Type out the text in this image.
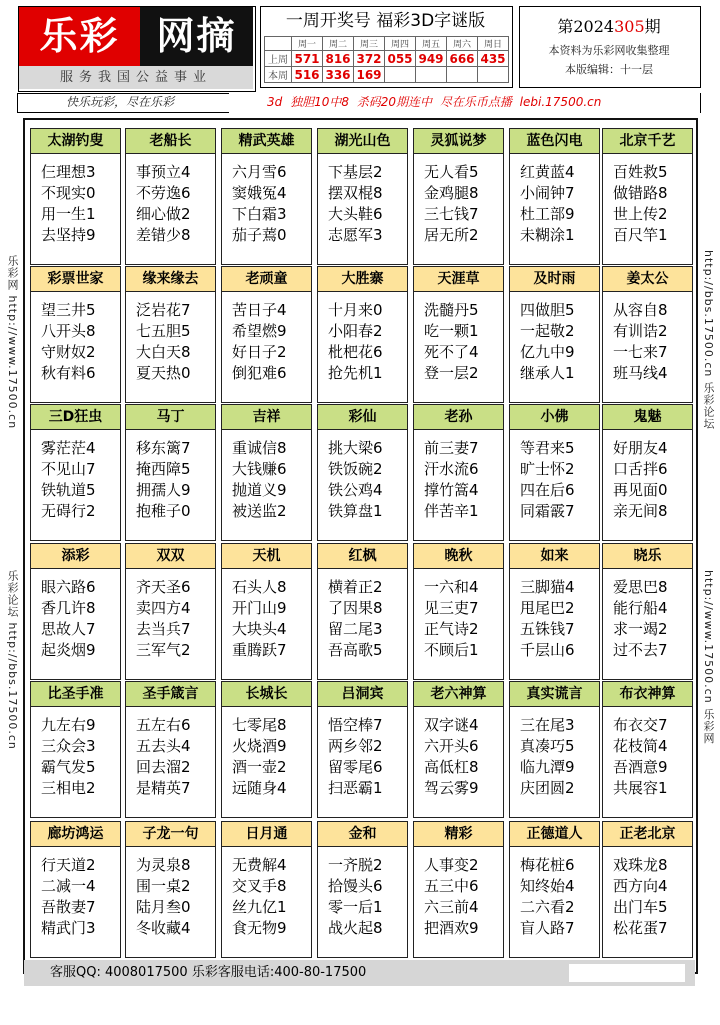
乐彩 网摘
服务我国公益事业
一周开奖号 福彩3D字谜版
	周一	周二	周三	周四	周五	周六	周日
上周	571	816	372	055	949	666	435
本周	516	336	169				
第2024305期
本资料为乐彩网收集整理
本版编辑：十一层
快乐玩彩，尽在乐彩	3d 独胆10中8 杀码20期连中 尽在乐币点播 lebi.17500.cn
乐彩网 http://www.17500.cn
乐彩论坛 http://bbs.17500.cn
http://bbs.17500.cn 乐彩论坛
http://www.17500.cn 乐彩网
太湖钓叟
仨理想3
不现实0
用一生1
去坚持9
老船长
事预立4
不劳逸6
细心做2
差错少8
精武英雄
六月雪6
窦娥冤4
下白霜3
茄子蔫0
湖光山色
下基层2
摆双棍8
大头鞋6
志愿军3
灵狐说梦
无人看5
金鸡腿8
三七钱7
居无所2
蓝色闪电
红黄蓝4
小闹钟7
杜工部9
未糊涂1
北京千艺
百姓救5
做错路8
世上传2
百尺竿1
彩票世家
望三井5
八开头8
守财奴2
秋有料6
缘来缘去
泛岩花7
七五胆5
大白天8
夏天热0
老顽童
苦日子4
希望燃9
好日子2
倒犯难6
大胜寨
十月来0
小阳春2
枇杷花6
抢先机1
天涯草
洗髓丹5
吃一颗1
死不了4
登一层2
及时雨
四做胆5
一起敬2
亿九中9
继承人1
姜太公
从容自8
有训诰2
一七来7
班马线4
三D狂虫
雾茫茫4
不见山7
铁轨道5
无碍行2
马丁
移东篱7
掩西障5
拥孺人9
抱稚子0
吉祥
重诚信8
大钱赚6
抛道义9
被送监2
彩仙
挑大梁6
铁饭碗2
铁公鸡4
铁算盘1
老孙
前三妻7
汗水流6
撑竹篙4
伴苦辛1
小佛
等君来5
旷士怀2
四在后6
同霜霰7
鬼魅
好朋友4
口舌拌6
再见面0
亲无间8
添彩
眼六路6
香几许8
思故人7
起炎烟9
双双
齐天圣6
卖四方4
去当兵7
三军气2
天机
石头人8
开门山9
大块头4
重腾跃7
红枫
横着正2
了因果8
留二尾3
吾高歌5
晚秋
一六和4
见三吏7
正气诗2
不顾后1
如来
三脚猫4
甩尾巴2
五铢钱7
千层山6
晓乐
爱思巴8
能行船4
求一竭2
过不去7
比圣手准
九左右9
三众会3
霸气发5
三相电2
圣手箴言
五左右6
五去头4
回去溜2
是精英7
长城长
七零尾8
火烧酒9
酒一壶2
远随身4
吕洞宾
悟空棒7
两乡邻2
留零尾6
扫恶霸1
老六神算
双字谜4
六开头6
高低杠8
驾云雾9
真实谎言
三在尾3
真凑巧5
临九潭9
庆团圆2
布衣神算
布衣交7
花枝简4
吾酒意9
共展容1
廊坊鸿运
行天道2
二减一4
吾散妻7
精武门3
子龙一句
为灵泉8
围一桌2
陆月叁0
冬收藏4
日月通
无费解4
交叉手8
丝九亿1
食无物9
金和
一齐脱2
拾馒头6
零一后1
战火起8
精彩
人事变2
五三中6
六三前4
把酒欢9
正德道人
梅花桩6
知终始4
二六看2
盲人路7
正老北京
戏珠龙8
西方向4
出门车5
松花蛋7
客服QQ: 4008017500 乐彩客服电话:400-80-17500
